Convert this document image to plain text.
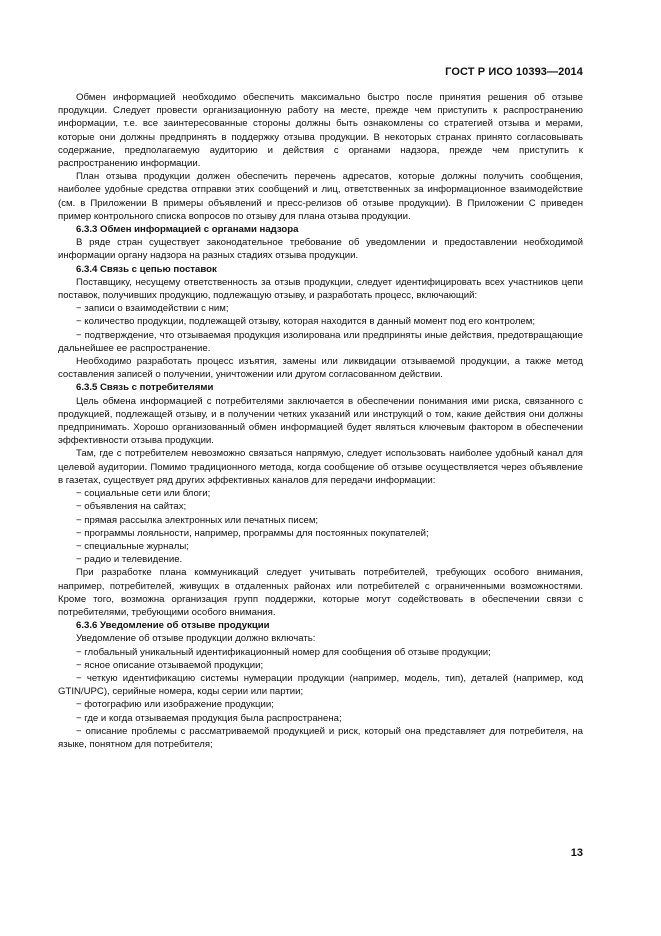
ГОСТ Р ИСО 10393—2014

Обмен информацией необходимо обеспечить максимально быстро после принятия решения об отзыве продукции. Следует провести организационную работу на месте, прежде чем приступить к распространению информации, т.е. все заинтересованные стороны должны быть ознакомлены со стратегией отзыва и мерами, которые они должны предпринять в поддержку отзыва продукции. В некоторых странах принято согласовывать содержание, предполагаемую аудиторию и действия с органами надзора, прежде чем приступить к распространению информации.

План отзыва продукции должен обеспечить перечень адресатов, которые должны получить сообщения, наиболее удобные средства отправки этих сообщений и лиц, ответственных за информационное взаимодействие (см. в Приложении В примеры объявлений и пресс-релизов об отзыве продукции). В Приложении С приведен пример контрольного списка вопросов по отзыву для плана отзыва продукции.

6.3.3 Обмен информацией с органами надзора

В ряде стран существует законодательное требование об уведомлении и предоставлении необходимой информации органу надзора на разных стадиях отзыва продукции.

6.3.4 Связь с цепью поставок

Поставщику, несущему ответственность за отзыв продукции, следует идентифицировать всех участников цепи поставок, получивших продукцию, подлежащую отзыву, и разработать процесс, включающий:

− записи о взаимодействии с ним;

− количество продукции, подлежащей отзыву, которая находится в данный момент под его контролем;

− подтверждение, что отзываемая продукция изолирована или предприняты иные действия, предотвращающие дальнейшее ее распространение.

Необходимо разработать процесс изъятия, замены или ликвидации отзываемой продукции, а также метод составления записей о получении, уничтожении или другом согласованном действии.

6.3.5 Связь с потребителями

Цель обмена информацией с потребителями заключается в обеспечении понимания ими риска, связанного с продукцией, подлежащей отзыву, и в получении четких указаний или инструкций о том, какие действия они должны предпринимать. Хорошо организованный обмен информацией будет являться ключевым фактором в обеспечении эффективности отзыва продукции.

Там, где с потребителем невозможно связаться напрямую, следует использовать наиболее удобный канал для целевой аудитории. Помимо традиционного метода, когда сообщение об отзыве осуществляется через объявление в газетах, существует ряд других эффективных каналов для передачи информации:

− социальные сети или блоги;

− объявления на сайтах;

− прямая рассылка электронных или печатных писем;

− программы лояльности, например, программы для постоянных покупателей;

− специальные журналы;

− радио и телевидение.

При разработке плана коммуникаций следует учитывать потребителей, требующих особого внимания, например, потребителей, живущих в отдаленных районах или потребителей с ограниченными возможностями. Кроме того, возможна организация групп поддержки, которые могут содействовать в обеспечении связи с потребителями, требующими особого внимания.

6.3.6 Уведомление об отзыве продукции

Уведомление об отзыве продукции должно включать:

− глобальный уникальный идентификационный номер для сообщения об отзыве продукции;

− ясное описание отзываемой продукции;

− четкую идентификацию системы нумерации продукции (например, модель, тип), деталей (например, код GTIN/UPC), серийные номера, коды серии или партии;

− фотографию или изображение продукции;

− где и когда отзываемая продукция была распространена;

− описание проблемы с рассматриваемой продукцией и риск, который она представляет для потребителя, на языке, понятном для потребителя;

13
